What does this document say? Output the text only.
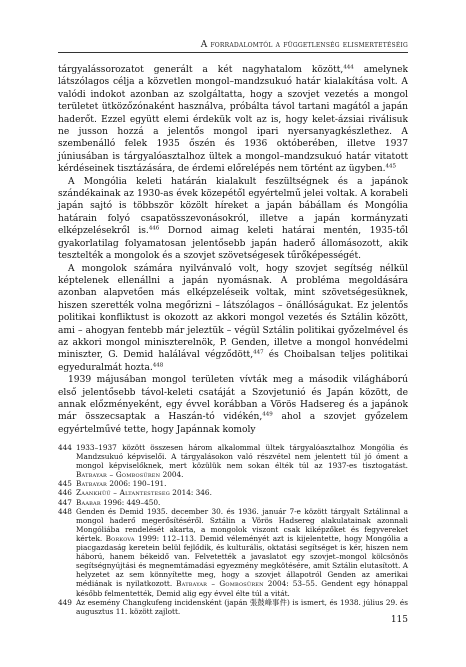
A forradalomtól a függetlenség elismertetéséig

tárgyalássorozatot generált a két nagyhatalom között,$^{444}$ amelynek látszólagos célja a közvetlen mongol–mandzsukuó határ kialakítása volt. A valódi indokot azonban az szolgáltatta, hogy a szovjet vezetés a mongol területet ütközőzónaként használva, próbálta távol tartani magától a japán haderőt. Ezzel együtt elemi érdekük volt az is, hogy kelet-ázsiai riválisuk ne jusson hozzá a jelentős mongol ipari nyersanyagkészlethez. A szembenálló felek 1935 őszén és 1936 októberében, illetve 1937 júniusában is tárgyalóasztalhoz ültek a mongol–mandzsukuó határ vitatott kérdéseinek tisztázására, de érdemi előrelépés nem történt az ügyben.$^{445}$

A Mongólia keleti határán kialakult feszültségnek és a japánok szándékainak az 1930-as évek közepétől egyértelmű jelei voltak. A korabeli japán sajtó is többször közölt híreket a japán bábállam és Mongólia határain folyó csapatösszevonásokról, illetve a japán kormányzati elképzelésekről is.$^{446}$ Dornod aimag keleti határai mentén, 1935-től gyakorlatilag folyamatosan jelentősebb japán haderő állomásozott, akik tesztelték a mongolok és a szovjet szövetségesek tűrőképességét.

A mongolok számára nyilvánvaló volt, hogy szovjet segítség nélkül képtelenek ellenállni a japán nyomásnak. A probléma megoldására azonban alapvetően más elképzeléseik voltak, mint szövetségesüknek, hiszen szerették volna megőrizni – látszólagos – önállóságukat. Ez jelentős politikai konfliktust is okozott az akkori mongol vezetés és Sztálin között, ami – ahogyan fentebb már jeleztük – végül Sztálin politikai győzelmével és az akkori mongol miniszterelnök, P. Genden, illetve a mongol honvédelmi miniszter, G. Demid halálával végződött,$^{447}$ és Choibalsan teljes politikai egyeduralmát hozta.$^{448}$

1939 májusában mongol területen vívták meg a második világháború első jelentősebb távol-keleti csatáját a Szovjetunió és Japán között, de annak előzményeként, egy évvel korábban a Vörös Hadsereg és a japánok már összecsaptak a Haszán-tó vidékén,$^{449}$ ahol a szovjet győzelem egyértelművé tette, hogy Japánnak komoly

444 1933–1937 között összesen három alkalommal ültek tárgyalóasztalhoz Mongólia és Mandzsukuó képviselői. A tárgyalásokon való részvétel nem jelentett túl jó óment a mongol képviselőknek, mert közülük nem sokan élték túl az 1937-es tisztogatást. Batbayar – Gombosüren 2004.
445 Batbayar 2006: 190–191.
446 Zaankhüü – Altantesteseg 2014: 346.
447 Baabar 1996: 449–450.
448 Genden és Demid 1935. december 30. és 1936. január 7-e között tárgyalt Sztálinnal a mongol haderő megerősítéséről. Sztálin a Vörös Hadsereg alakulatainak azonnali Mongóliába rendelését akarta, a mongolok viszont csak kiképzőket és fegyvereket kértek. Borkova 1999: 112–113. Demid véleményét azt is kijelentette, hogy Mongólia a piacgazdaság keretein belül fejlődik, és kulturális, oktatási segítséget is kér, hiszen nem háború, hanem békeidő van. Felvetették a javaslatot egy szovjet–mongol kölcsönös segítségnyújtási és megnemtámadási egyezmény megkötésére, amit Sztálin elutasított. A helyzetet az sem könnyítette meg, hogy a szovjet állapotról Genden az amerikai médiának is nyilatkozott. Batbayar – Gombosüren 2004: 53–55. Gendent egy hónappal később felmentették, Demid alig egy évvel élte túl a vitát.
449 Az esemény Changkufeng incidensként (japán 張鼓峰事件) is ismert, és 1938. július 29. és augusztus 11. között zajlott.
115
